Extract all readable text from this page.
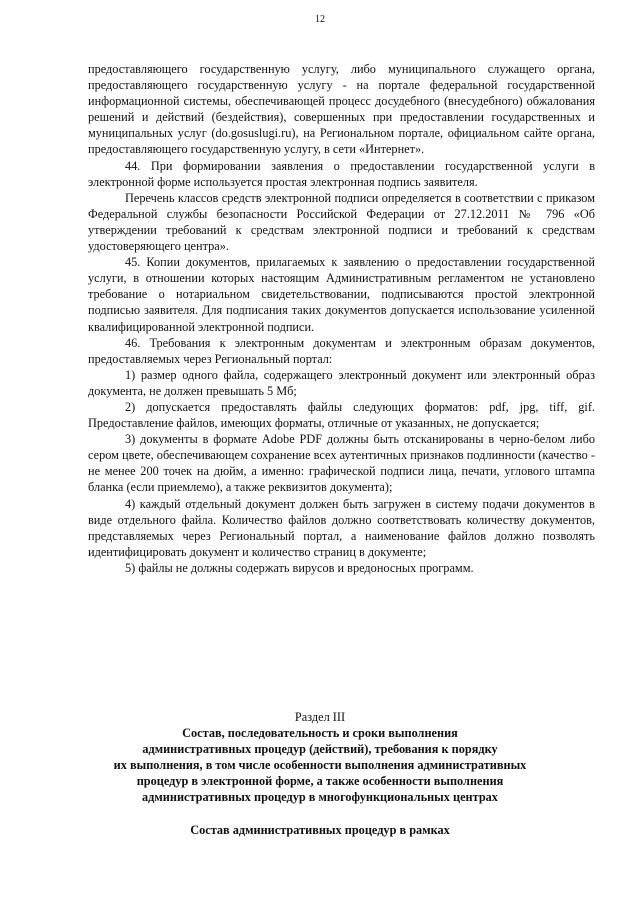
12

предоставляющего государственную услугу, либо муниципального служащего органа, предоставляющего государственную услугу - на портале федеральной государственной информационной системы, обеспечивающей процесс досудебного (внесудебного) обжалования решений и действий (бездействия), совершенных при предоставлении государственных и муниципальных услуг (do.gosuslugi.ru), на Региональном портале, официальном сайте органа, предоставляющего государственную услугу, в сети «Интернет».

44. При формировании заявления о предоставлении государственной услуги в электронной форме используется простая электронная подпись заявителя.

Перечень классов средств электронной подписи определяется в соответствии с приказом Федеральной службы безопасности Российской Федерации от 27.12.2011 № 796 «Об утверждении требований к средствам электронной подписи и требований к средствам удостоверяющего центра».

45. Копии документов, прилагаемых к заявлению о предоставлении государственной услуги, в отношении которых настоящим Административным регламентом не установлено требование о нотариальном свидетельствовании, подписываются простой электронной подписью заявителя. Для подписания таких документов допускается использование усиленной квалифицированной электронной подписи.

46. Требования к электронным документам и электронным образам документов, предоставляемых через Региональный портал:

1) размер одного файла, содержащего электронный документ или электронный образ документа, не должен превышать 5 Мб;

2) допускается предоставлять файлы следующих форматов: pdf, jpg, tiff, gif. Предоставление файлов, имеющих форматы, отличные от указанных, не допускается;

3) документы в формате Adobe PDF должны быть отсканированы в черно-белом либо сером цвете, обеспечивающем сохранение всех аутентичных признаков подлинности (качество - не менее 200 точек на дюйм, а именно: графической подписи лица, печати, углового штампа бланка (если приемлемо), а также реквизитов документа);

4) каждый отдельный документ должен быть загружен в систему подачи документов в виде отдельного файла. Количество файлов должно соответствовать количеству документов, представляемых через Региональный портал, а наименование файлов должно позволять идентифицировать документ и количество страниц в документе;

5) файлы не должны содержать вирусов и вредоносных программ.

Раздел III

Состав, последовательность и сроки выполнения

административных процедур (действий), требования к порядку

их выполнения, в том числе особенности выполнения административных

процедур в электронной форме, а также особенности выполнения

административных процедур в многофункциональных центрах

Состав административных процедур в рамках
